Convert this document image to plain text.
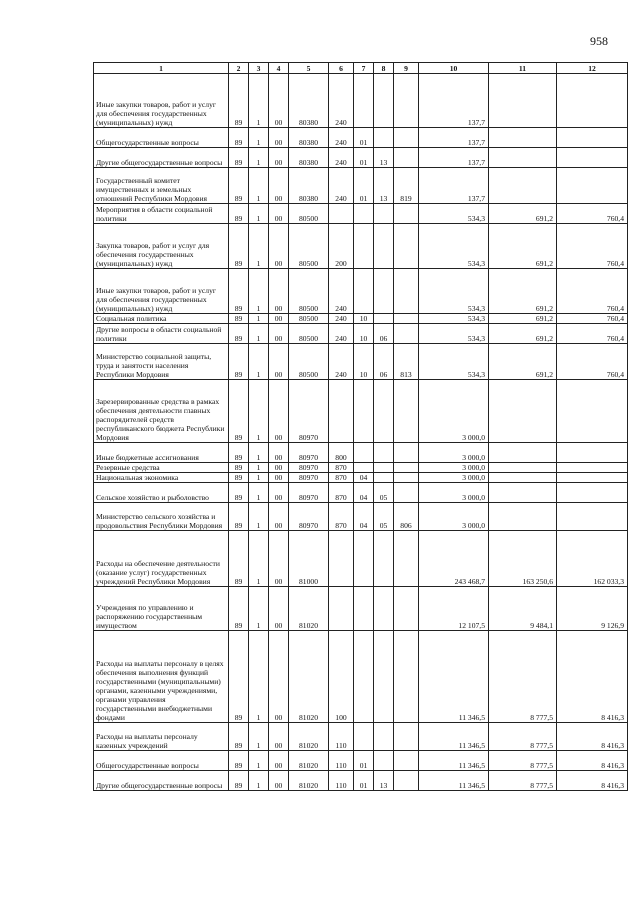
958
1	2	3	4	5	6	7	8	9	10	11	12
Иные закупки товаров, работ и услуг для обеспечения государственных (муниципальных) нужд	89	1	00	80380	240				137,7		
Общегосударственные вопросы	89	1	00	80380	240	01			137,7		
Другие общегосударственные вопросы	89	1	00	80380	240	01	13		137,7		
Государственный комитет имущественных и земельных отношений Республики Мордовия	89	1	00	80380	240	01	13	819	137,7		
Мероприятия в области социальной политики	89	1	00	80500					534,3	691,2	760,4
Закупка товаров, работ и услуг для обеспечения государственных (муниципальных) нужд	89	1	00	80500	200				534,3	691,2	760,4
Иные закупки товаров, работ и услуг для обеспечения государственных (муниципальных) нужд	89	1	00	80500	240				534,3	691,2	760,4
Социальная политика	89	1	00	80500	240	10			534,3	691,2	760,4
Другие вопросы в области социальной политики	89	1	00	80500	240	10	06		534,3	691,2	760,4
Министерство социальной защиты, труда и занятости населения Республики Мордовия	89	1	00	80500	240	10	06	813	534,3	691,2	760,4
Зарезервированные средства в рамках обеспечения деятельности главных распорядителей средств республиканского бюджета Республики Мордовия	89	1	00	80970					3 000,0		
Иные бюджетные ассигнования	89	1	00	80970	800				3 000,0		
Резервные средства	89	1	00	80970	870				3 000,0		
Национальная экономика	89	1	00	80970	870	04			3 000,0		
Сельское хозяйство и рыболовство	89	1	00	80970	870	04	05		3 000,0		
Министерство сельского хозяйства и продовольствия Республики Мордовия	89	1	00	80970	870	04	05	806	3 000,0		
Расходы на обеспечение деятельности (оказание услуг) государственных учреждений Республики Мордовия	89	1	00	81000					243 468,7	163 250,6	162 033,3
Учреждения по управлению и распоряжению государственным имуществом	89	1	00	81020					12 107,5	9 484,1	9 126,9
Расходы на выплаты персоналу в целях обеспечения выполнения функций государственными (муниципальными) органами, казенными учреждениями, органами управления государственными внебюджетными фондами	89	1	00	81020	100				11 346,5	8 777,5	8 416,3
Расходы на выплаты персоналу казенных учреждений	89	1	00	81020	110				11 346,5	8 777,5	8 416,3
Общегосударственные вопросы	89	1	00	81020	110	01			11 346,5	8 777,5	8 416,3
Другие общегосударственные вопросы	89	1	00	81020	110	01	13		11 346,5	8 777,5	8 416,3
